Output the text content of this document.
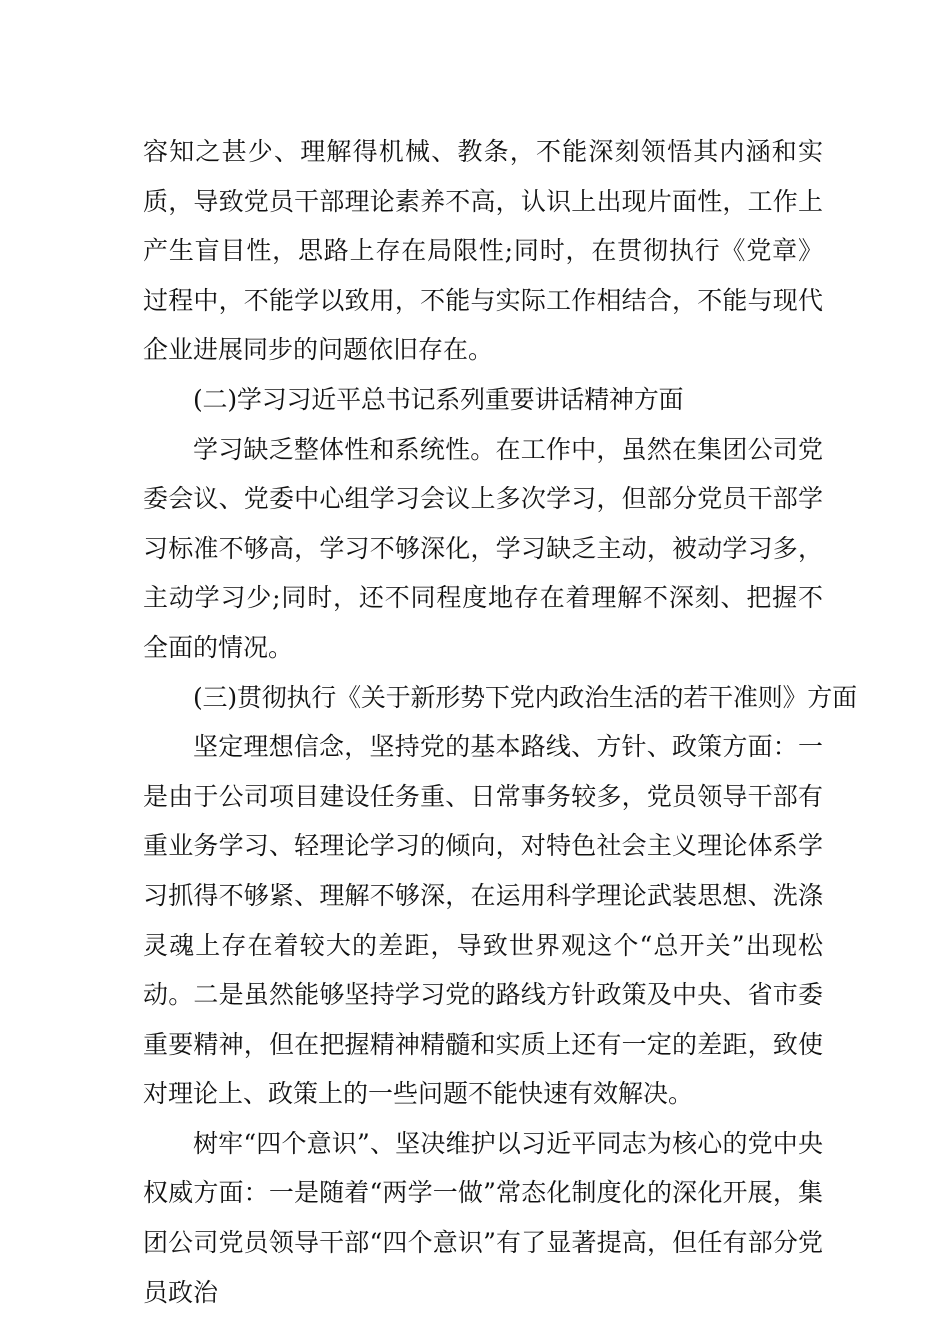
容知之甚少、理解得机械、教条，不能深刻领悟其内涵和实质，导致党员干部理论素养不高，认识上出现片面性，工作上产生盲目性，思路上存在局限性;同时，在贯彻执行《党章》过程中，不能学以致用，不能与实际工作相结合，不能与现代企业进展同步的问题依旧存在。

(二)学习习近平总书记系列重要讲话精神方面

学习缺乏整体性和系统性。在工作中，虽然在集团公司党委会议、党委中心组学习会议上多次学习，但部分党员干部学习标准不够高，学习不够深化，学习缺乏主动，被动学习多，主动学习少;同时，还不同程度地存在着理解不深刻、把握不全面的情况。

(三)贯彻执行《关于新形势下党内政治生活的若干准则》方面

坚定理想信念，坚持党的基本路线、方针、政策方面：一是由于公司项目建设任务重、日常事务较多，党员领导干部有重业务学习、轻理论学习的倾向，对特色社会主义理论体系学习抓得不够紧、理解不够深，在运用科学理论武装思想、洗涤灵魂上存在着较大的差距，导致世界观这个“总开关”出现松动。二是虽然能够坚持学习党的路线方针政策及中央、省市委重要精神，但在把握精神精髓和实质上还有一定的差距，致使对理论上、政策上的一些问题不能快速有效解决。

树牢“四个意识”、坚决维护以习近平同志为核心的党中央权威方面：一是随着“两学一做”常态化制度化的深化开展，集团公司党员领导干部“四个意识”有了显著提高，但任有部分党员政治
